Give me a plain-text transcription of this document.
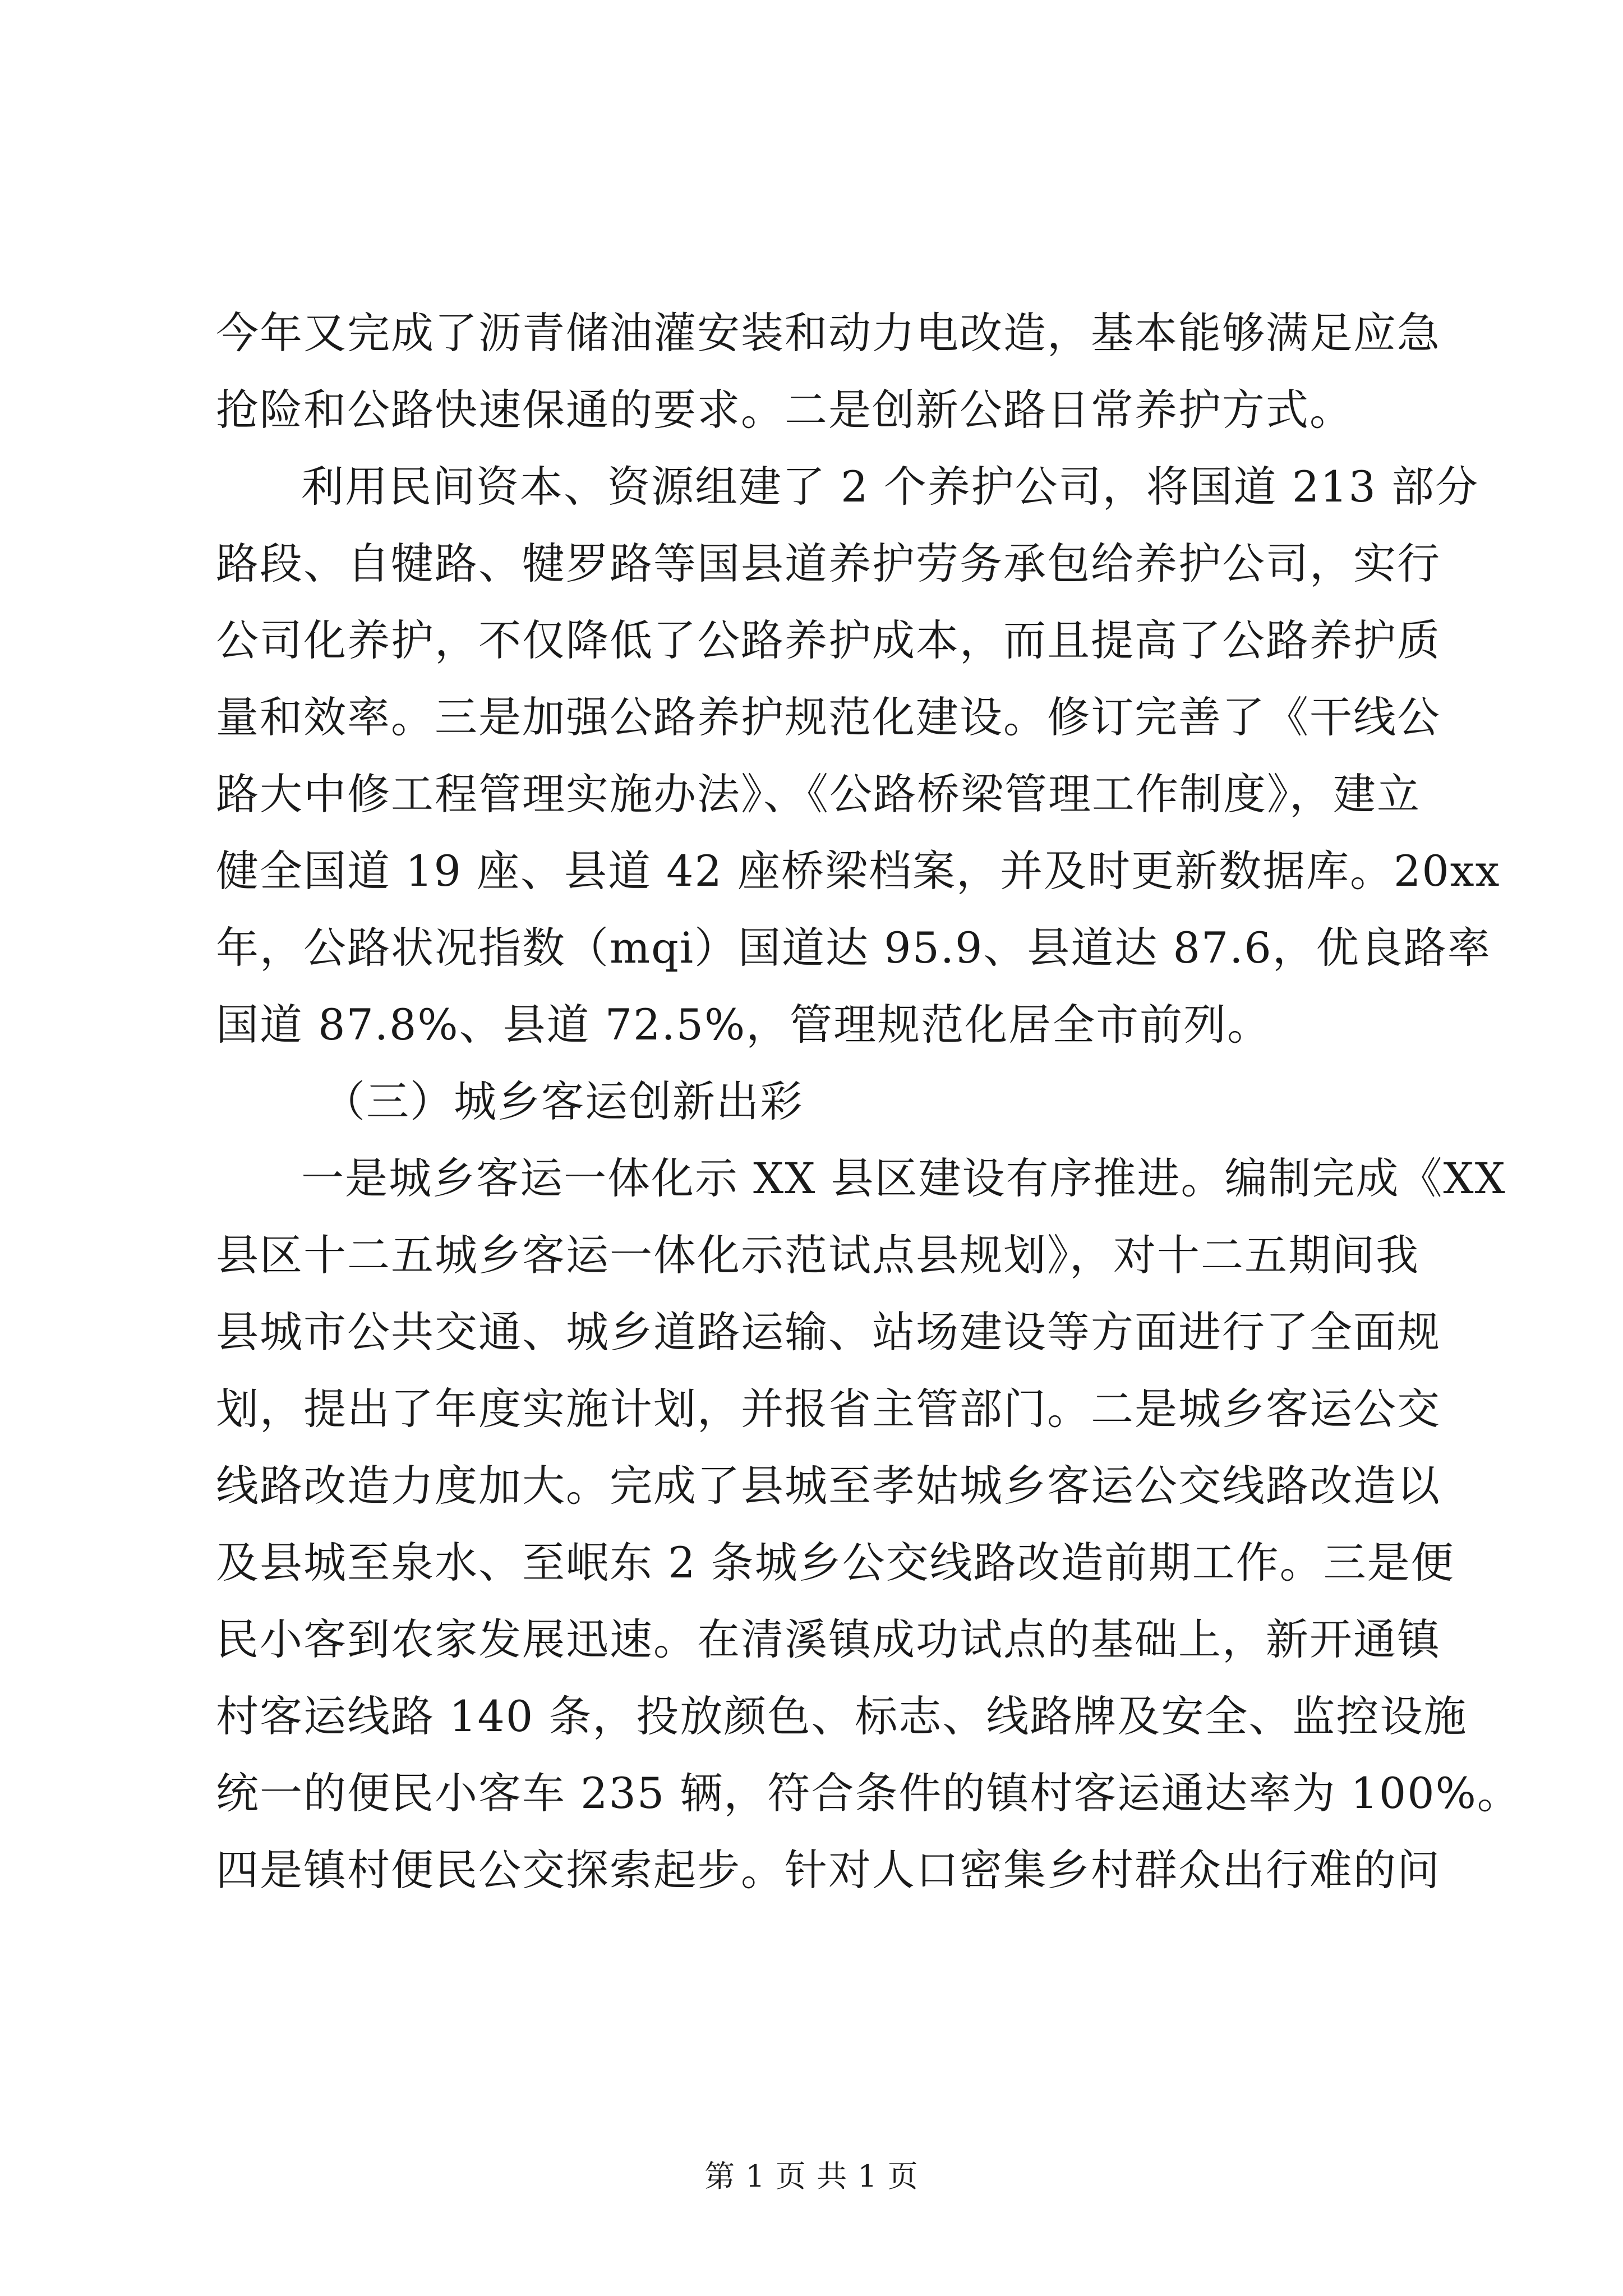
今年又完成了沥青储油灌安装和动力电改造，基本能够满足应急
抢险和公路快速保通的要求。二是创新公路日常养护方式。
利用民间资本、资源组建了 2 个养护公司，将国道 213 部分
路段、自犍路、犍罗路等国县道养护劳务承包给养护公司，实行
公司化养护，不仅降低了公路养护成本，而且提高了公路养护质
量和效率。三是加强公路养护规范化建设。修订完善了《干线公
路大中修工程管理实施办法》、《公路桥梁管理工作制度》，建立
健全国道 19 座、县道 42 座桥梁档案，并及时更新数据库。20xx
年，公路状况指数（mqi）国道达 95.9、县道达 87.6，优良路率
国道 87.8%、县道 72.5%，管理规范化居全市前列。
（三）城乡客运创新出彩
一是城乡客运一体化示 XX 县区建设有序推进。编制完成《XX
县区十二五城乡客运一体化示范试点县规划》，对十二五期间我
县城市公共交通、城乡道路运输、站场建设等方面进行了全面规
划，提出了年度实施计划，并报省主管部门。二是城乡客运公交
线路改造力度加大。完成了县城至孝姑城乡客运公交线路改造以
及县城至泉水、至岷东 2 条城乡公交线路改造前期工作。三是便
民小客到农家发展迅速。在清溪镇成功试点的基础上，新开通镇
村客运线路 140 条，投放颜色、标志、线路牌及安全、监控设施
统一的便民小客车 235 辆，符合条件的镇村客运通达率为 100%。
四是镇村便民公交探索起步。针对人口密集乡村群众出行难的问
第 1 页 共 1 页
